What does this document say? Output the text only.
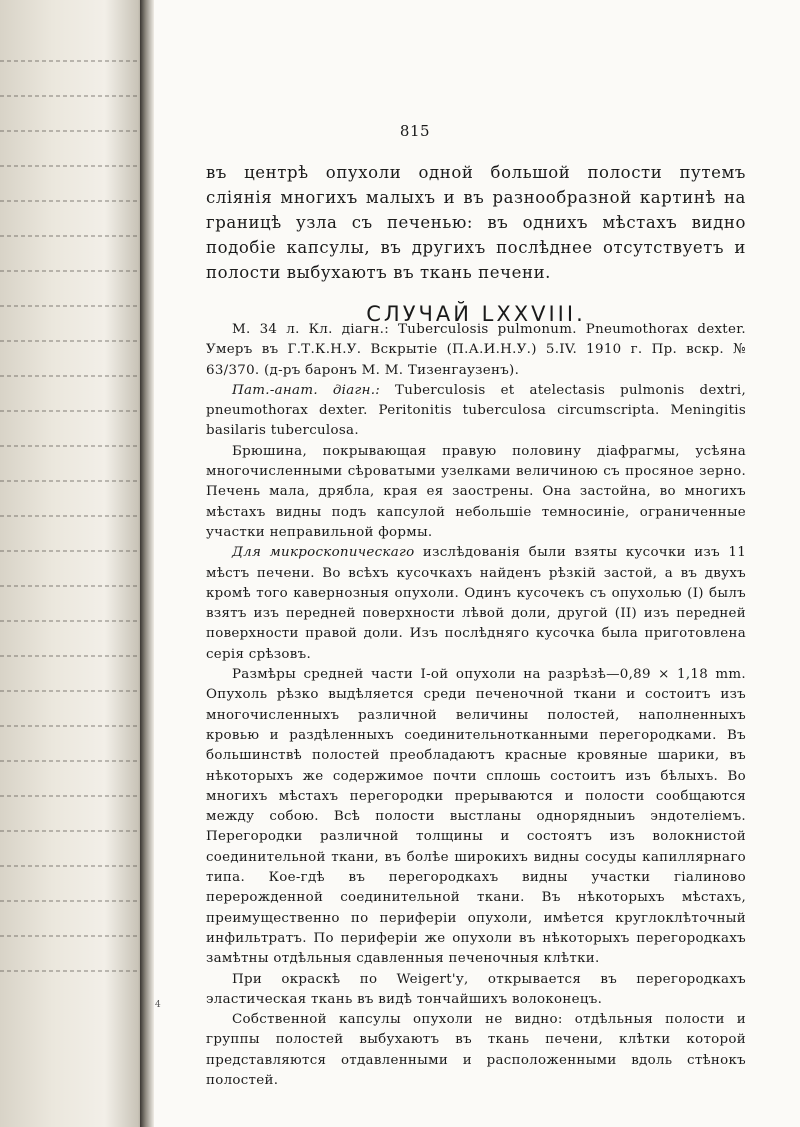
815
въ центрѣ опухоли одной большой полости путемъ сліянія многихъ малыхъ и въ разнообразной картинѣ на границѣ узла съ печенью: въ однихъ мѣстахъ видно подобіе капсулы, въ другихъ послѣднее отсутствуетъ и полости выбухаютъ въ ткань печени.
СЛУЧАЙ LXXVIII.

М. 34 л. Кл. діагн.: Tuberculosis pulmonum. Pneumothorax dexter. Умеръ въ Г.Т.К.Н.У. Вскрытіе (П.А.И.Н.У.) 5.IV. 1910 г. Пр. вскр. № 63/370. (д-ръ баронъ М. М. Тизенгаузенъ).

Пат.-анат. діагн.: Tuberculosis et atelectasis pulmonis dextri, pneumothorax dexter. Peritonitis tuberculosa circumscripta. Meningitis basilaris tuberculosa.

Брюшина, покрывающая правую половину діафрагмы, усѣяна многочисленными сѣроватыми узелками величиною съ просяное зерно. Печень мала, дрябла, края ея заострены. Она застойна, во многихъ мѣстахъ видны подъ капсулой небольшіе темносиніе, ограниченные участки неправильной формы.

Для микроскопическаго изслѣдованія были взяты кусочки изъ 11 мѣстъ печени. Во всѣхъ кусочкахъ найденъ рѣзкій застой, а въ двухъ кромѣ того кавернозныя опухоли. Одинъ кусочекъ съ опухолью (I) былъ взятъ изъ передней поверхности лѣвой доли, другой (II) изъ передней поверхности правой доли. Изъ послѣдняго кусочка была приготовлена серія срѣзовъ.

Размѣры средней части I-ой опухоли на разрѣзѣ—0,89 × 1,18 mm. Опухоль рѣзко выдѣляется среди печеночной ткани и состоитъ изъ многочисленныхъ различной величины полостей, наполненныхъ кровью и раздѣленныхъ соединительнотканными перегородками. Въ большинствѣ полостей преобладаютъ красные кровяные шарики, въ нѣкоторыхъ же содержимое почти сплошь состоитъ изъ бѣлыхъ. Во многихъ мѣстахъ перегородки прерываются и полости сообщаются между собою. Всѣ полости выстланы однорядныиъ эндотеліемъ. Перегородки различной толщины и состоятъ изъ волокнистой соединительной ткани, въ болѣе широкихъ видны сосуды капиллярнаго типа. Кое-гдѣ въ перегородкахъ видны участки гіалиново перерожденной соединительной ткани. Въ нѣкоторыхъ мѣстахъ, преимущественно по периферіи опухоли, имѣется круглоклѣточный инфильтратъ. По периферіи же опухоли въ нѣкоторыхъ перегородкахъ замѣтны отдѣльныя сдавленныя печеночныя клѣтки.

При окраскѣ по Weigert'у, открывается въ перегородкахъ эластическая ткань въ видѣ тончайшихъ волоконецъ.

Собственной капсулы опухоли не видно: отдѣльныя полости и группы полостей выбухаютъ въ ткань печени, клѣтки которой представляются отдавленными и расположенными вдоль стѣнокъ полостей.

4
